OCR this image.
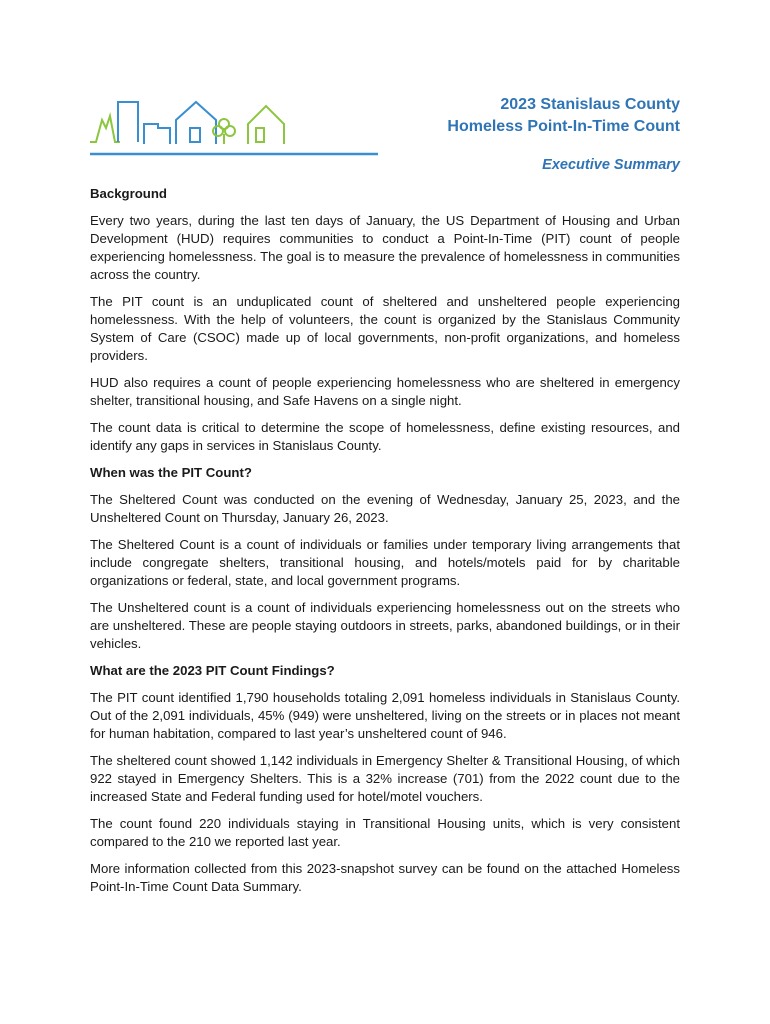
2023 Stanislaus County
Homeless Point-In-Time Count
Executive Summary
Background

Every two years, during the last ten days of January, the US Department of Housing and Urban Development (HUD) requires communities to conduct a Point-In-Time (PIT) count of people experiencing homelessness. The goal is to measure the prevalence of homelessness in communities across the country.

The PIT count is an unduplicated count of sheltered and unsheltered people experiencing homelessness. With the help of volunteers, the count is organized by the Stanislaus Community System of Care (CSOC) made up of local governments, non-profit organizations, and homeless providers.

HUD also requires a count of people experiencing homelessness who are sheltered in emergency shelter, transitional housing, and Safe Havens on a single night.

The count data is critical to determine the scope of homelessness, define existing resources, and identify any gaps in services in Stanislaus County.

When was the PIT Count?

The Sheltered Count was conducted on the evening of Wednesday, January 25, 2023, and the Unsheltered Count on Thursday, January 26, 2023.

The Sheltered Count is a count of individuals or families under temporary living arrangements that include congregate shelters, transitional housing, and hotels/motels paid for by charitable organizations or federal, state, and local government programs.

The Unsheltered count is a count of individuals experiencing homelessness out on the streets who are unsheltered. These are people staying outdoors in streets, parks, abandoned buildings, or in their vehicles.

What are the 2023 PIT Count Findings?

The PIT count identified 1,790 households totaling 2,091 homeless individuals in Stanislaus County. Out of the 2,091 individuals, 45% (949) were unsheltered, living on the streets or in places not meant for human habitation, compared to last year’s unsheltered count of 946.

The sheltered count showed 1,142 individuals in Emergency Shelter & Transitional Housing, of which 922 stayed in Emergency Shelters. This is a 32% increase (701) from the 2022 count due to the increased State and Federal funding used for hotel/motel vouchers.

The count found 220 individuals staying in Transitional Housing units, which is very consistent compared to the 210 we reported last year.

More information collected from this 2023-snapshot survey can be found on the attached Homeless Point-In-Time Count Data Summary.
